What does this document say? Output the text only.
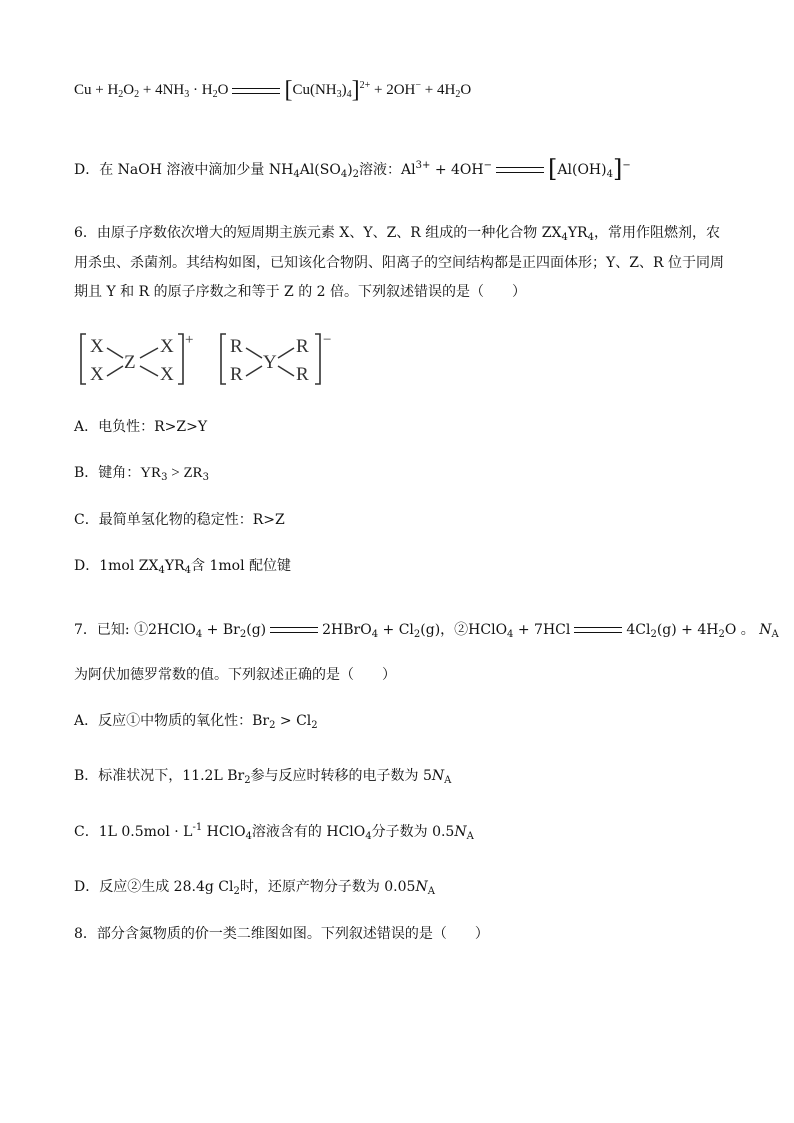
$Cu + H_2O_2 + 4NH_3 \cdot H_2O$ $[Cu(NH_3)_4]^{2+} + 2OH^- + 4H_2O$
D．在 NaOH 溶液中滴加少量 $NH_4Al(SO_4)_2$溶液：$Al^{3+} + 4OH^-$ $[Al(OH)_4]^-$
6．由原子序数依次增大的短周期主族元素 X、Y、Z、R 组成的一种化合物 $ZX_4YR_4$，常用作阻燃剂，农
用杀虫、杀菌剂。其结构如图，已知该化合物阴、阳离子的空间结构都是正四面体形；Y、Z、R 位于同周
期且 Y 和 R 的原子序数之和等于 Z 的 2 倍。下列叙述错误的是（　　）
X
X
Z
X
X
+ R
R
Y
R
R
−
A．电负性：R>Z>Y
B．键角：$YR_3 > ZR_3$
C．最简单氢化物的稳定性：R>Z
D．1mol $ZX_4YR_4$含 1mol 配位键
7．已知: ①2HClO$_4$ + $Br_2(g)$	2HBrO$_4$ + $Cl_2(g)$，②HClO$_4$ + 7HCl	$4Cl_2(g) + 4H_2O$ 。 $N_A$
为阿伏加德罗常数的值。下列叙述正确的是（　　）
A．反应①中物质的氧化性：$Br_2 > Cl_2$
B．标准状况下，11.2L $Br_2$参与反应时转移的电子数为 $5N_A$
C．1L $0.5mol \cdot L^{-1}$ HClO$_4$溶液含有的 HClO$_4$分子数为 $0.5N_A$
D．反应②生成 28.4g $Cl_2$时，还原产物分子数为 $0.05N_A$
8．部分含氮物质的价一类二维图如图。下列叙述错误的是（　　）
